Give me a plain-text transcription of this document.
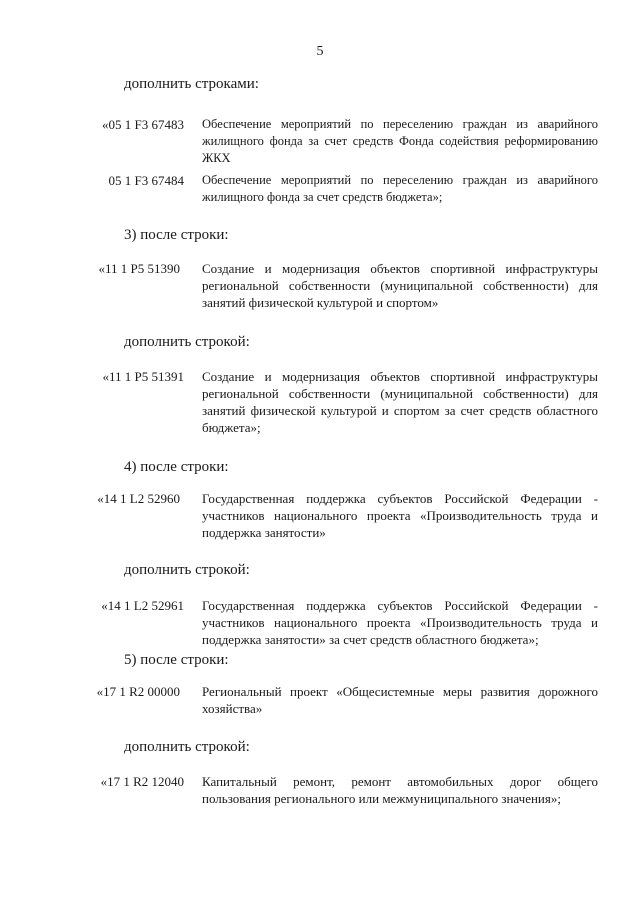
5
дополнить строками:
«05 1 F3 67483 Обеспечение мероприятий по переселению граждан из аварийного жилищного фонда за счет средств Фонда содействия реформированию ЖКХ
05 1 F3 67484 Обеспечение мероприятий по переселению граждан из аварийного жилищного фонда за счет средств бюджета»;
3) после строки:
«11 1 P5 51390 Создание и модернизация объектов спортивной инфраструктуры региональной собственности (муниципальной собственности) для занятий физической культурой и спортом»
дополнить строкой:
«11 1 P5 51391 Создание и модернизация объектов спортивной инфраструктуры региональной собственности (муниципальной собственности) для занятий физической культурой и спортом за счет средств областного бюджета»;
4) после строки:
«14 1 L2 52960 Государственная поддержка субъектов Российской Федерации - участников национального проекта «Производительность труда и поддержка занятости»
дополнить строкой:
«14 1 L2 52961 Государственная поддержка субъектов Российской Федерации - участников национального проекта «Производительность труда и поддержка занятости» за счет средств областного бюджета»;
5) после строки:
«17 1 R2 00000 Региональный проект «Общесистемные меры развития дорожного хозяйства»
дополнить строкой:
«17 1 R2 12040 Капитальный ремонт, ремонт автомобильных дорог общего пользования регионального или межмуниципального значения»;
